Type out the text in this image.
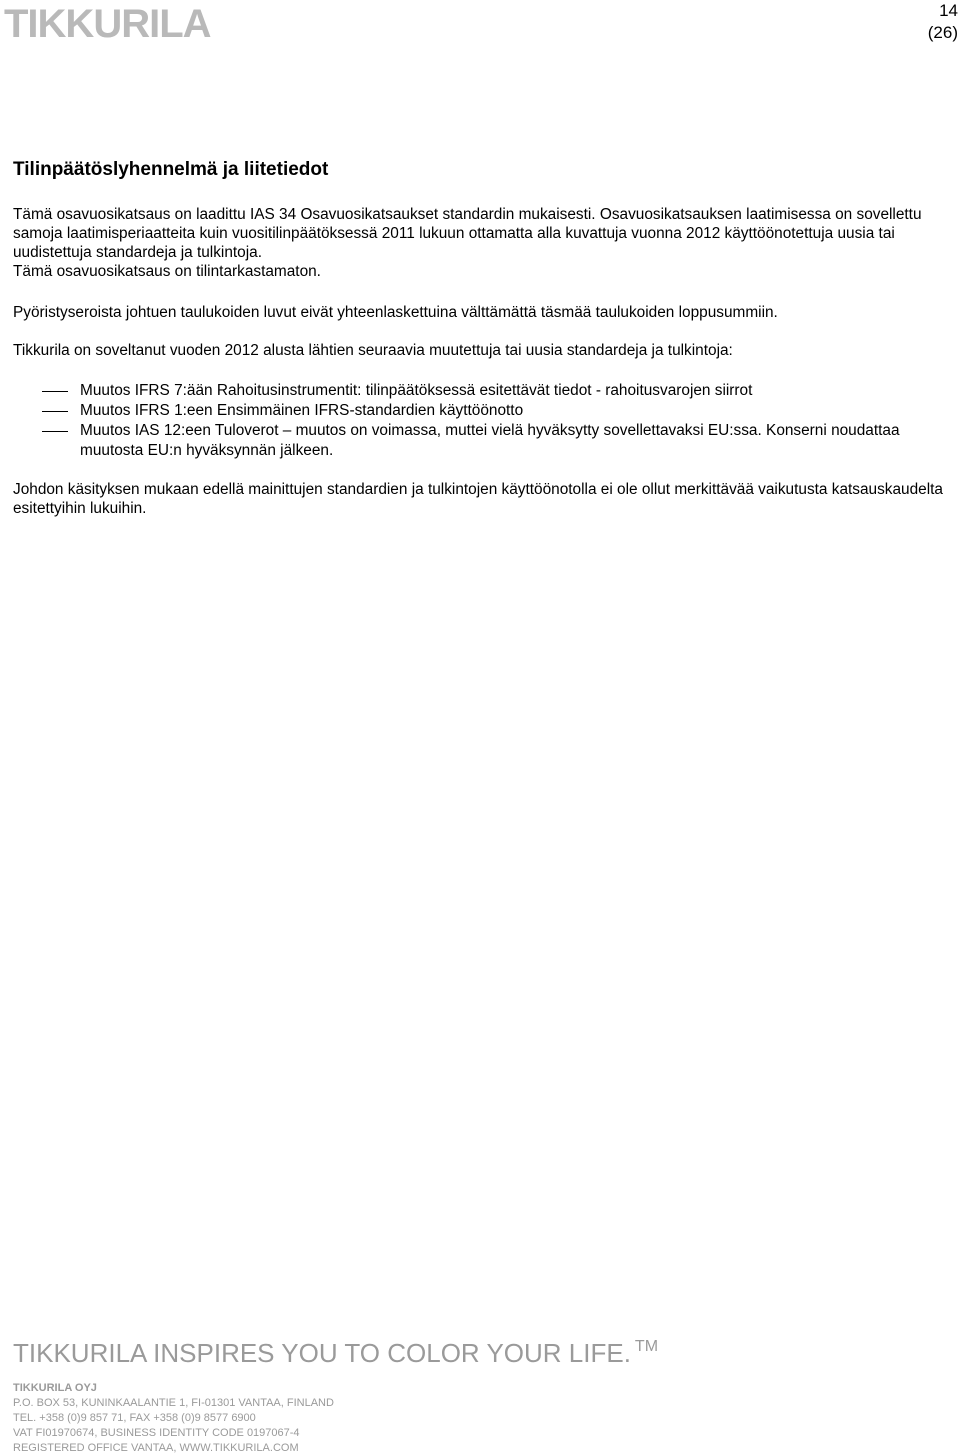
TIKKURILA	14
(26)
Tilinpäätöslyhennelmä ja liitetiedot

Tämä osavuosikatsaus on laadittu IAS 34 Osavuosikatsaukset standardin mukaisesti. Osavuosikatsauksen laatimisessa on sovellettu samoja laatimisperiaatteita kuin vuositilinpäätöksessä 2011 lukuun ottamatta alla kuvattuja vuonna 2012 käyttöönotettuja uusia tai uudistettuja standardeja ja tulkintoja.

Tämä osavuosikatsaus on tilintarkastamaton.

Pyöristyseroista johtuen taulukoiden luvut eivät yhteenlaskettuina välttämättä täsmää taulukoiden loppusummiin.

Tikkurila on soveltanut vuoden 2012 alusta lähtien seuraavia muutettuja tai uusia standardeja ja tulkintoja:

Muutos IFRS 7:ään Rahoitusinstrumentit: tilinpäätöksessä esitettävät tiedot - rahoitusvarojen siirrot
Muutos IFRS 1:een Ensimmäinen IFRS-standardien käyttöönotto
Muutos IAS 12:een Tuloverot – muutos on voimassa, muttei vielä hyväksytty sovellettavaksi EU:ssa. Konserni noudattaa muutosta EU:n hyväksynnän jälkeen.

Johdon käsityksen mukaan edellä mainittujen standardien ja tulkintojen käyttöönotolla ei ole ollut merkittävää vaikutusta katsauskaudelta esitettyihin lukuihin.

TIKKURILA INSPIRES YOU TO COLOR YOUR LIFE. ™
TIKKURILA OYJ
P.O. BOX 53, KUNINKAALANTIE 1, FI-01301 VANTAA, FINLAND
TEL. +358 (0)9 857 71, FAX +358 (0)9 8577 6900
VAT FI01970674, BUSINESS IDENTITY CODE 0197067-4
REGISTERED OFFICE VANTAA, WWW.TIKKURILA.COM
